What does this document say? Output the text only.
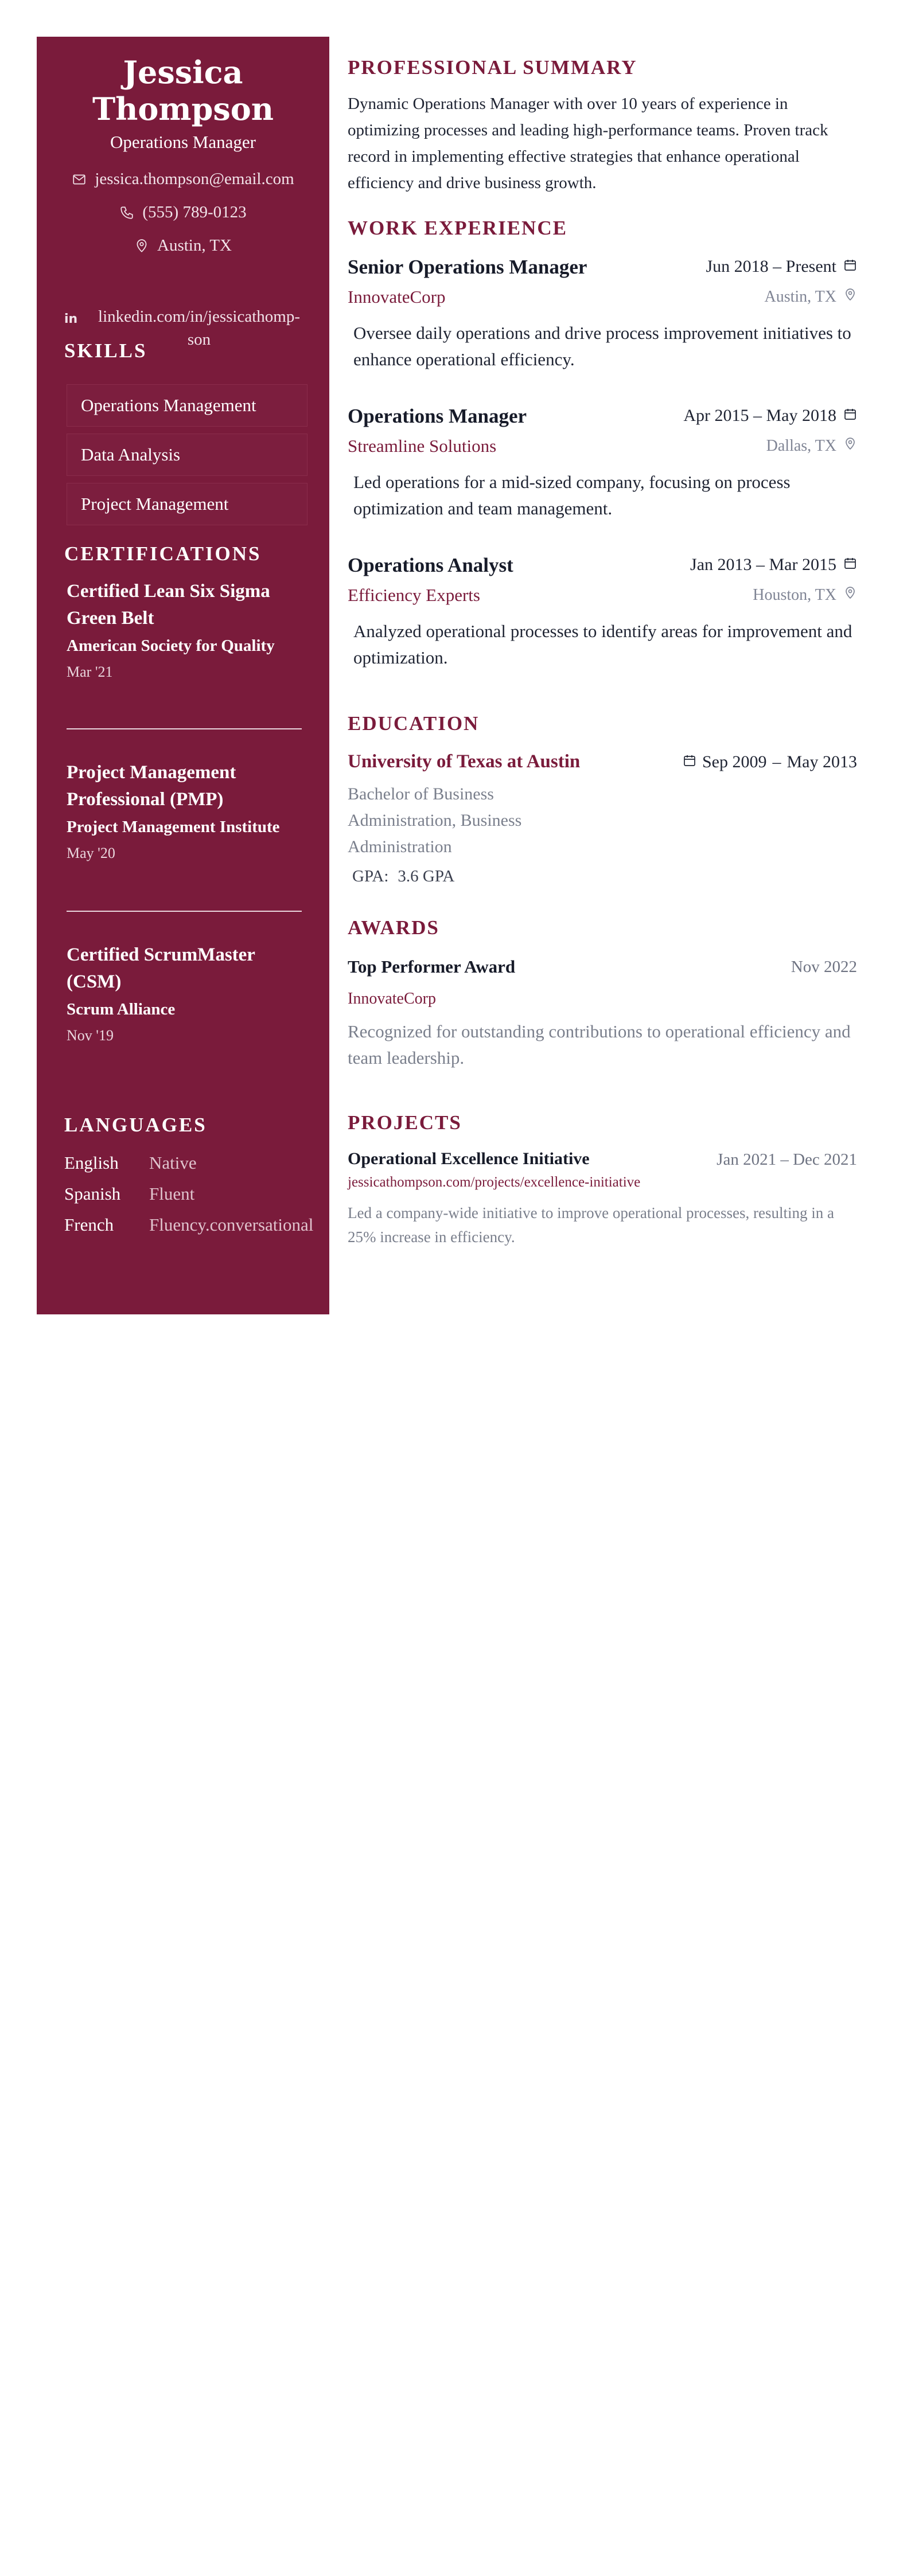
Jessica Thompson
Operations Manager
jessica.thompson@email.com
(555) 789-0123
Austin, TX
in	linkedin.com/in/jessicathomp-son
SKILLS
Operations Management
Data Analysis
Project Management
CERTIFICATIONS
Certified Lean Six Sigma Green Belt
American Society for Quality
Mar '21
Project Management Professional (PMP)
Project Management Institute
May '20
Certified ScrumMaster (CSM)
Scrum Alliance
Nov '19
LANGUAGES
English	Native
Spanish	Fluent
French	Fluency.conversational
PROFESSIONAL SUMMARY
Dynamic Operations Manager with over 10 years of experience in optimizing processes and leading high-performance teams. Proven track record in implementing effective strategies that enhance operational efficiency and drive business growth.
WORK EXPERIENCE
Senior Operations Manager	Jun 2018 – Present
InnovateCorp	Austin, TX
Oversee daily operations and drive process improvement initiatives to enhance operational efficiency.
Operations Manager	Apr 2015 – May 2018
Streamline Solutions	Dallas, TX
Led operations for a mid-sized company, focusing on process optimization and team management.
Operations Analyst	Jan 2013 – Mar 2015
Efficiency Experts	Houston, TX
Analyzed operational processes to identify areas for improvement and optimization.
EDUCATION
University of Texas at Austin	Sep 2009 – May 2013
Bachelor of Business Administration, Business Administration
GPA: 3.6 GPA
AWARDS
Top Performer Award	Nov 2022
InnovateCorp
Recognized for outstanding contributions to operational efficiency and team leadership.
PROJECTS
Operational Excellence Initiative	Jan 2021 – Dec 2021
jessicathompson.com/projects/excellence-initiative
Led a company-wide initiative to improve operational processes, resulting in a 25% increase in efficiency.
